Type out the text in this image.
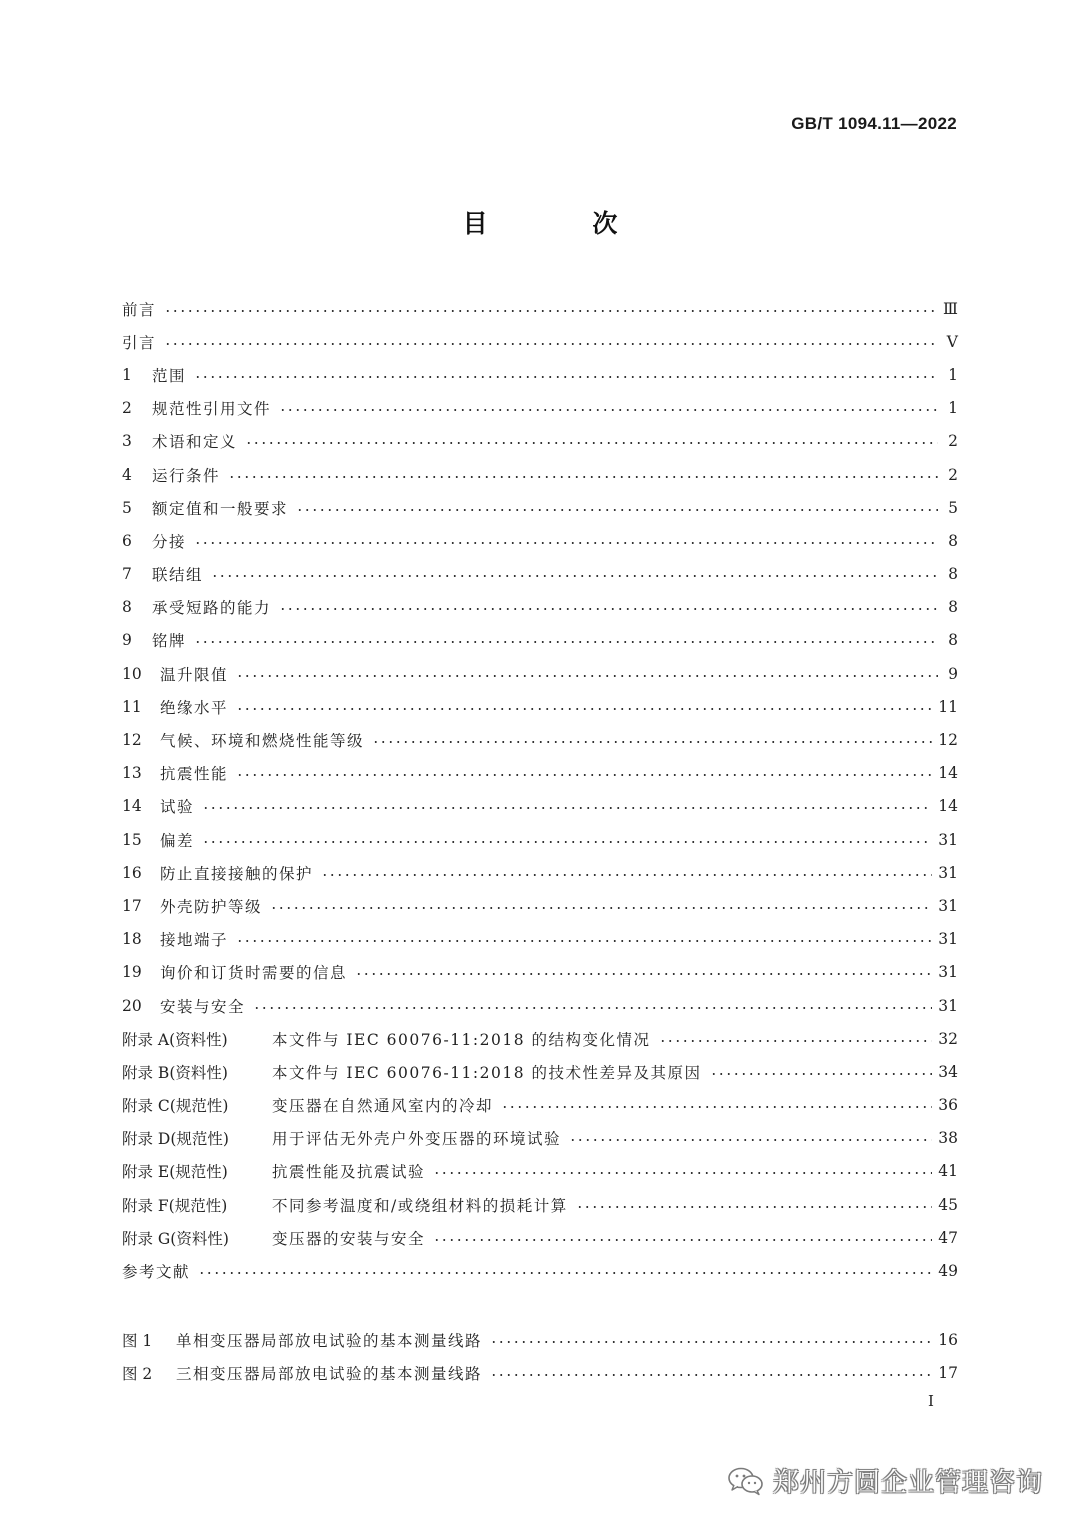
GB/T 1094.11—2022
目 次
前言	Ⅲ
引言	Ⅴ
1	范围	1
2	规范性引用文件	1
3	术语和定义	2
4	运行条件	2
5	额定值和一般要求	5
6	分接	8
7	联结组	8
8	承受短路的能力	8
9	铭牌	8
10	温升限值	9
11	绝缘水平	11
12	气候、环境和燃烧性能等级	12
13	抗震性能	14
14	试验	14
15	偏差	31
16	防止直接接触的保护	31
17	外壳防护等级	31
18	接地端子	31
19	询价和订货时需要的信息	31
20	安装与安全	31
附录 A(资料性)	本文件与 IEC 60076-11:2018 的结构变化情况	32
附录 B(资料性)	本文件与 IEC 60076-11:2018 的技术性差异及其原因	34
附录 C(规范性)	变压器在自然通风室内的冷却	36
附录 D(规范性)	用于评估无外壳户外变压器的环境试验	38
附录 E(规范性)	抗震性能及抗震试验	41
附录 F(规范性)	不同参考温度和/或绕组材料的损耗计算	45
附录 G(资料性)	变压器的安装与安全	47
参考文献	49
图 1	单相变压器局部放电试验的基本测量线路	16
图 2	三相变压器局部放电试验的基本测量线路	17
Ⅰ
郑州方圆企业管理咨询
